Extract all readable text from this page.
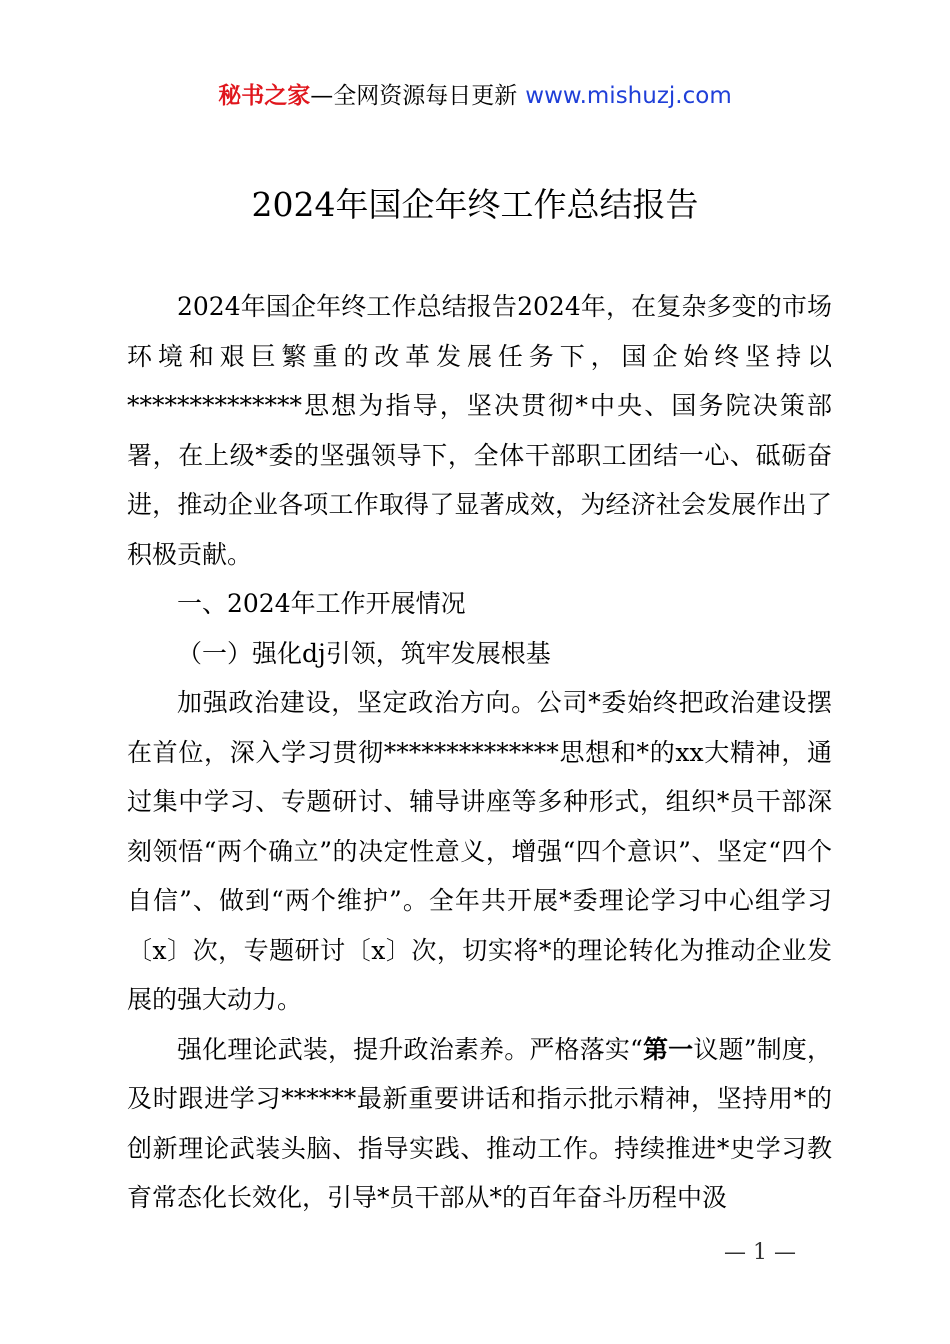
秘书之家—全网资源每日更新 www.mishuzj.com
2024年国企年终工作总结报告

2024年国企年终工作总结报告2024年，在复杂多变的市场环境和艰巨繁重的改革发展任务下，国企始终坚持以**************思想为指导，坚决贯彻*中央、国务院决策部署，在上级*委的坚强领导下，全体干部职工团结一心、砥砺奋进，推动企业各项工作取得了显著成效，为经济社会发展作出了积极贡献。

一、2024年工作开展情况

（一）强化dj引领，筑牢发展根基

加强政治建设，坚定政治方向。公司*委始终把政治建设摆在首位，深入学习贯彻**************思想和*的xx大精神，通过集中学习、专题研讨、辅导讲座等多种形式，组织*员干部深刻领悟“两个确立”的决定性意义，增强“四个意识”、坚定“四个自信”、做到“两个维护”。全年共开展*委理论学习中心组学习〔x〕次，专题研讨〔x〕次，切实将*的理论转化为推动企业发展的强大动力。

强化理论武装，提升政治素养。严格落实“第一议题”制度，及时跟进学习******最新重要讲话和指示批示精神，坚持用*的创新理论武装头脑、指导实践、推动工作。持续推进*史学习教育常态化长效化，引导*员干部从*的百年奋斗历程中汲

— 1 —
